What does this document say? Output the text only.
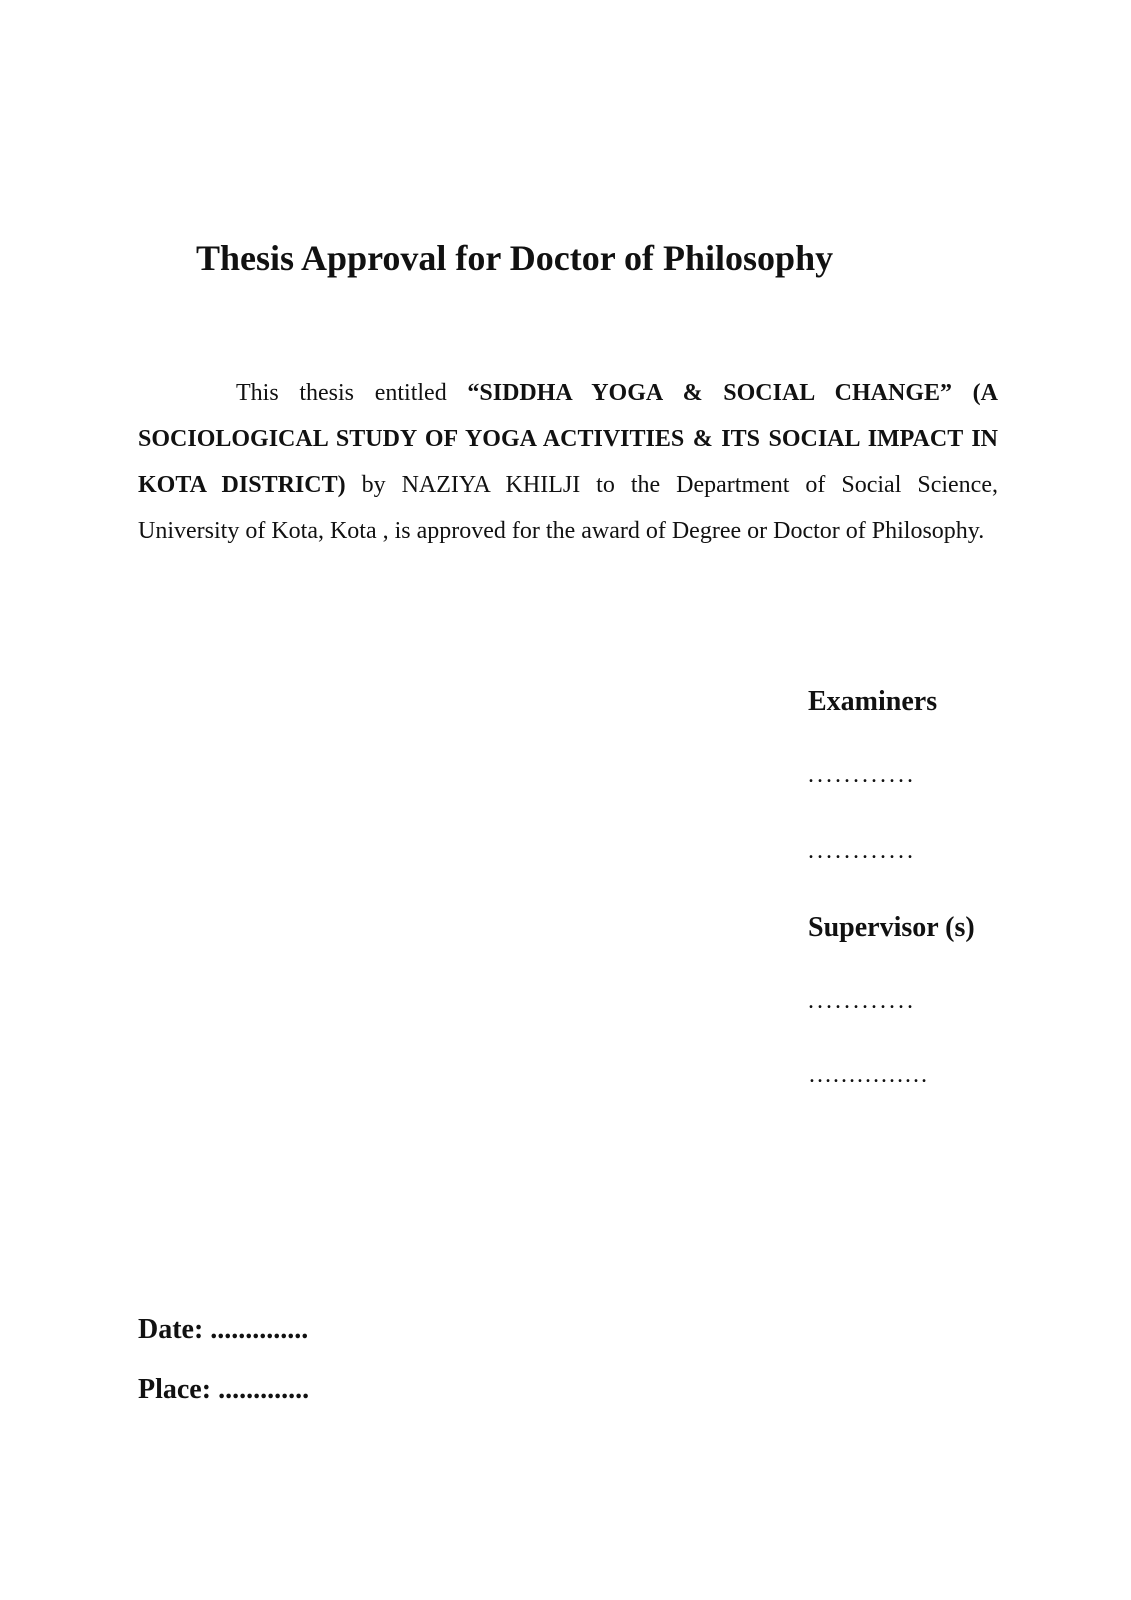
Thesis Approval for Doctor of Philosophy

This thesis entitled “SIDDHA YOGA & SOCIAL CHANGE” (A SOCIOLOGICAL STUDY OF YOGA ACTIVITIES & ITS SOCIAL IMPACT IN KOTA DISTRICT) by NAZIYA KHILJI to the Department of Social Science, University of Kota, Kota , is approved for the award of Degree or Doctor of Philosophy.

Examiners
............
............
Supervisor (s)
............
……………
Date: ..............
Place: .............
